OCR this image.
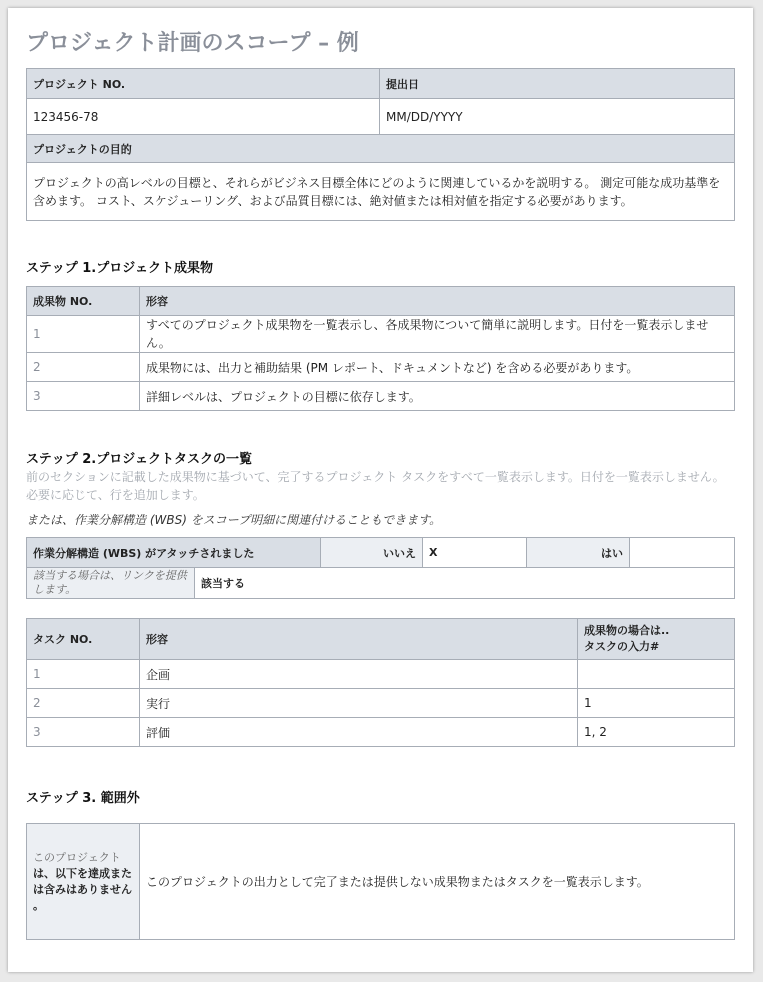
プロジェクト計画のスコープ – 例
プロジェクト NO.	提出日
123456-78	MM/DD/YYYY
プロジェクトの目的	
プロジェクトの高レベルの目標と、それらがビジネス目標全体にどのように関連しているかを説明する。 測定可能な成功基準を含めます。 コスト、スケジューリング、および品質目標には、絶対値または相対値を指定する必要があります。	
ステップ 1.プロジェクト成果物
成果物 NO.	形容
1	すべてのプロジェクト成果物を一覧表示し、各成果物について簡単に説明します。日付を一覧表示しません。
2	成果物には、出力と補助結果 (PM レポート、ドキュメントなど) を含める必要があります。
3	詳細レベルは、プロジェクトの目標に依存します。
ステップ 2.プロジェクトタスクの一覧
前のセクションに記載した成果物に基づいて、完了するプロジェクト タスクをすべて一覧表示します。日付を一覧表示しません。必要に応じて、行を追加します。
または、作業分解構造 (WBS) をスコープ明細に関連付けることもできます。
作業分解構造 (WBS) がアタッチされました		いいえ	X	はい	
該当する場合は、リンクを提供します。	該当する				
タスク NO.	形容	成果物の場合は..
タスクの入力#

1	企画	
2	実行	1
3	評価	1, 2
ステップ 3. 範囲外
このプロジェクト
は、以下を達成または含みはありません 。	このプロジェクトの出力として完了または提供しない成果物またはタスクを一覧表示します。
